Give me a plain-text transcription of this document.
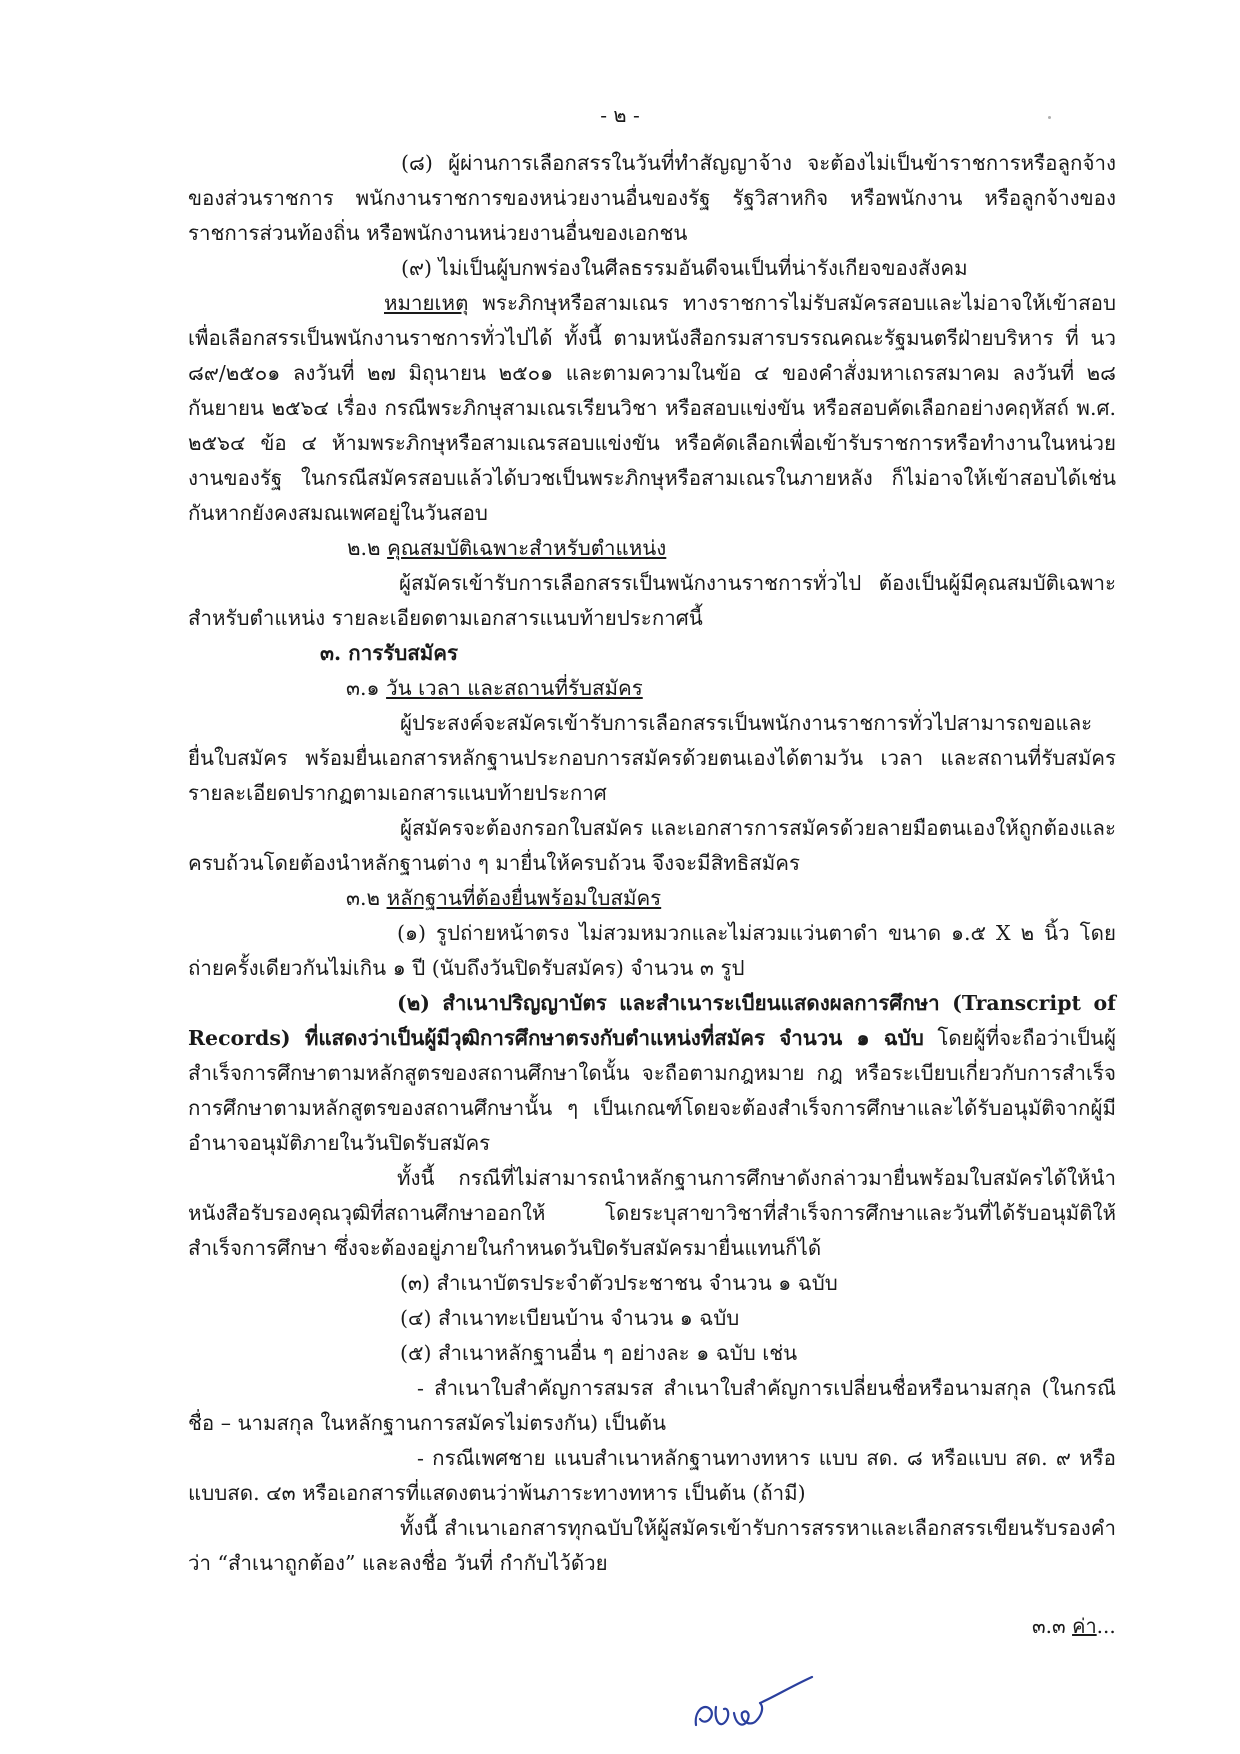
- ๒ -

(๘) ผู้ผ่านการเลือกสรรในวันที่ทำสัญญาจ้าง จะต้องไม่เป็นข้าราชการหรือลูกจ้างของส่วนราชการ พนักงานราชการของหน่วยงานอื่นของรัฐ รัฐวิสาหกิจ หรือพนักงาน หรือลูกจ้างของราชการส่วนท้องถิ่น หรือพนักงานหน่วยงานอื่นของเอกชน

(๙) ไม่เป็นผู้บกพร่องในศีลธรรมอันดีจนเป็นที่น่ารังเกียจของสังคม

หมายเหตุ พระภิกษุหรือสามเณร ทางราชการไม่รับสมัครสอบและไม่อาจให้เข้าสอบเพื่อเลือกสรรเป็นพนักงานราชการทั่วไปได้ ทั้งนี้ ตามหนังสือกรมสารบรรณคณะรัฐมนตรีฝ่ายบริหาร ที่ นว ๘๙/๒๕๐๑ ลงวันที่ ๒๗ มิถุนายน ๒๕๐๑ และตามความในข้อ ๔ ของคำสั่งมหาเถรสมาคม ลงวันที่ ๒๘ กันยายน ๒๕๖๔ เรื่อง กรณีพระภิกษุสามเณรเรียนวิชา หรือสอบแข่งขัน หรือสอบคัดเลือกอย่างคฤหัสถ์ พ.ศ. ๒๕๖๔ ข้อ ๔ ห้ามพระภิกษุหรือสามเณรสอบแข่งขัน หรือคัดเลือกเพื่อเข้ารับราชการหรือทำงานในหน่วยงานของรัฐ ในกรณีสมัครสอบแล้วได้บวชเป็นพระภิกษุหรือสามเณรในภายหลัง ก็ไม่อาจให้เข้าสอบได้เช่นกันหากยังคงสมณเพศอยู่ในวันสอบ

๒.๒ คุณสมบัติเฉพาะสำหรับตำแหน่ง

ผู้สมัครเข้ารับการเลือกสรรเป็นพนักงานราชการทั่วไป ต้องเป็นผู้มีคุณสมบัติเฉพาะสำหรับตำแหน่ง รายละเอียดตามเอกสารแนบท้ายประกาศนี้

๓. การรับสมัคร

๓.๑ วัน เวลา และสถานที่รับสมัคร

ผู้ประสงค์จะสมัครเข้ารับการเลือกสรรเป็นพนักงานราชการทั่วไปสามารถขอและยื่นใบสมัคร พร้อมยื่นเอกสารหลักฐานประกอบการสมัครด้วยตนเองได้ตามวัน เวลา และสถานที่รับสมัครรายละเอียดปรากฏตามเอกสารแนบท้ายประกาศ

ผู้สมัครจะต้องกรอกใบสมัคร และเอกสารการสมัครด้วยลายมือตนเองให้ถูกต้องและครบถ้วนโดยต้องนำหลักฐานต่าง ๆ มายื่นให้ครบถ้วน จึงจะมีสิทธิสมัคร

๓.๒ หลักฐานที่ต้องยื่นพร้อมใบสมัคร

(๑) รูปถ่ายหน้าตรง ไม่สวมหมวกและไม่สวมแว่นตาดำ ขนาด ๑.๕ X ๒ นิ้ว โดยถ่ายครั้งเดียวกันไม่เกิน ๑ ปี (นับถึงวันปิดรับสมัคร) จำนวน ๓ รูป

(๒) สำเนาปริญญาบัตร และสำเนาระเบียนแสดงผลการศึกษา (Transcript of Records) ที่แสดงว่าเป็นผู้มีวุฒิการศึกษาตรงกับตำแหน่งที่สมัคร จำนวน ๑ ฉบับ โดยผู้ที่จะถือว่าเป็นผู้สำเร็จการศึกษาตามหลักสูตรของสถานศึกษาใดนั้น จะถือตามกฎหมาย กฎ หรือระเบียบเกี่ยวกับการสำเร็จการศึกษาตามหลักสูตรของสถานศึกษานั้น ๆ เป็นเกณฑ์โดยจะต้องสำเร็จการศึกษาและได้รับอนุมัติจากผู้มีอำนาจอนุมัติภายในวันปิดรับสมัคร

ทั้งนี้ กรณีที่ไม่สามารถนำหลักฐานการศึกษาดังกล่าวมายื่นพร้อมใบสมัครได้ให้นำหนังสือรับรองคุณวุฒิที่สถานศึกษาออกให้ โดยระบุสาขาวิชาที่สำเร็จการศึกษาและวันที่ได้รับอนุมัติให้สำเร็จการศึกษา ซึ่งจะต้องอยู่ภายในกำหนดวันปิดรับสมัครมายื่นแทนก็ได้

(๓) สำเนาบัตรประจำตัวประชาชน จำนวน ๑ ฉบับ

(๔) สำเนาทะเบียนบ้าน จำนวน ๑ ฉบับ

(๕) สำเนาหลักฐานอื่น ๆ อย่างละ ๑ ฉบับ เช่น

- สำเนาใบสำคัญการสมรส สำเนาใบสำคัญการเปลี่ยนชื่อหรือนามสกุล (ในกรณีชื่อ – นามสกุล ในหลักฐานการสมัครไม่ตรงกัน) เป็นต้น

- กรณีเพศชาย แนบสำเนาหลักฐานทางทหาร แบบ สด. ๘ หรือแบบ สด. ๙ หรือแบบสด. ๔๓ หรือเอกสารที่แสดงตนว่าพ้นภาระทางทหาร เป็นต้น (ถ้ามี)

ทั้งนี้ สำเนาเอกสารทุกฉบับให้ผู้สมัครเข้ารับการสรรหาและเลือกสรรเขียนรับรองคำว่า “สำเนาถูกต้อง” และลงชื่อ วันที่ กำกับไว้ด้วย

๓.๓ ค่า...
